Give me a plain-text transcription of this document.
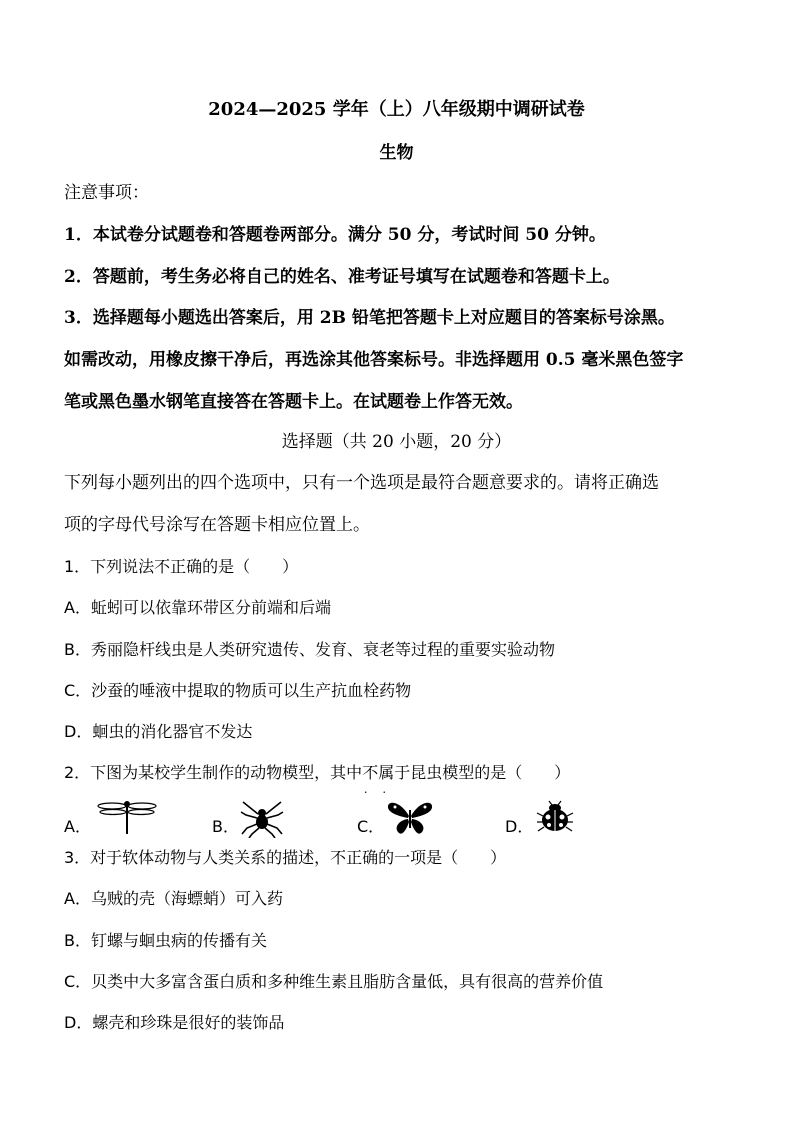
2024—2025 学年（上）八年级期中调研试卷
生物
注意事项：
1．本试卷分试题卷和答题卷两部分。满分 50 分，考试时间 50 分钟。
2．答题前，考生务必将自己的姓名、准考证号填写在试题卷和答题卡上。
3．选择题每小题选出答案后，用 2B 铅笔把答题卡上对应题目的答案标号涂黑。
如需改动，用橡皮擦干净后，再选涂其他答案标号。非选择题用 0.5 毫米黑色签字
笔或黑色墨水钢笔直接答在答题卡上。在试题卷上作答无效。
选择题（共 20 小题，20 分）
下列每小题列出的四个选项中，只有一个选项是最符合题意要求的。请将正确选
项的字母代号涂写在答题卡相应位置上。
1．下列说法不正确的是（　　）
A．蚯蚓可以依靠环带区分前端和后端
B．秀丽隐杆线虫是人类研究遗传、发育、衰老等过程的重要实验动物
C．沙蚕的唾液中提取的物质可以生产抗血栓药物
D．蛔虫的消化器官不发达
2．下图为某校学生制作的动物模型，其中不属于 • •昆虫模型的是（　　）
A．	B．	C．	D．
3．对于软体动物与人类关系的描述，不正确的一项是（　　）
A．乌贼的壳（海螵蛸）可入药
B．钉螺与蛔虫病的传播有关
C．贝类中大多富含蛋白质和多种维生素且脂肪含量低，具有很高的营养价值
D．螺壳和珍珠是很好的装饰品
